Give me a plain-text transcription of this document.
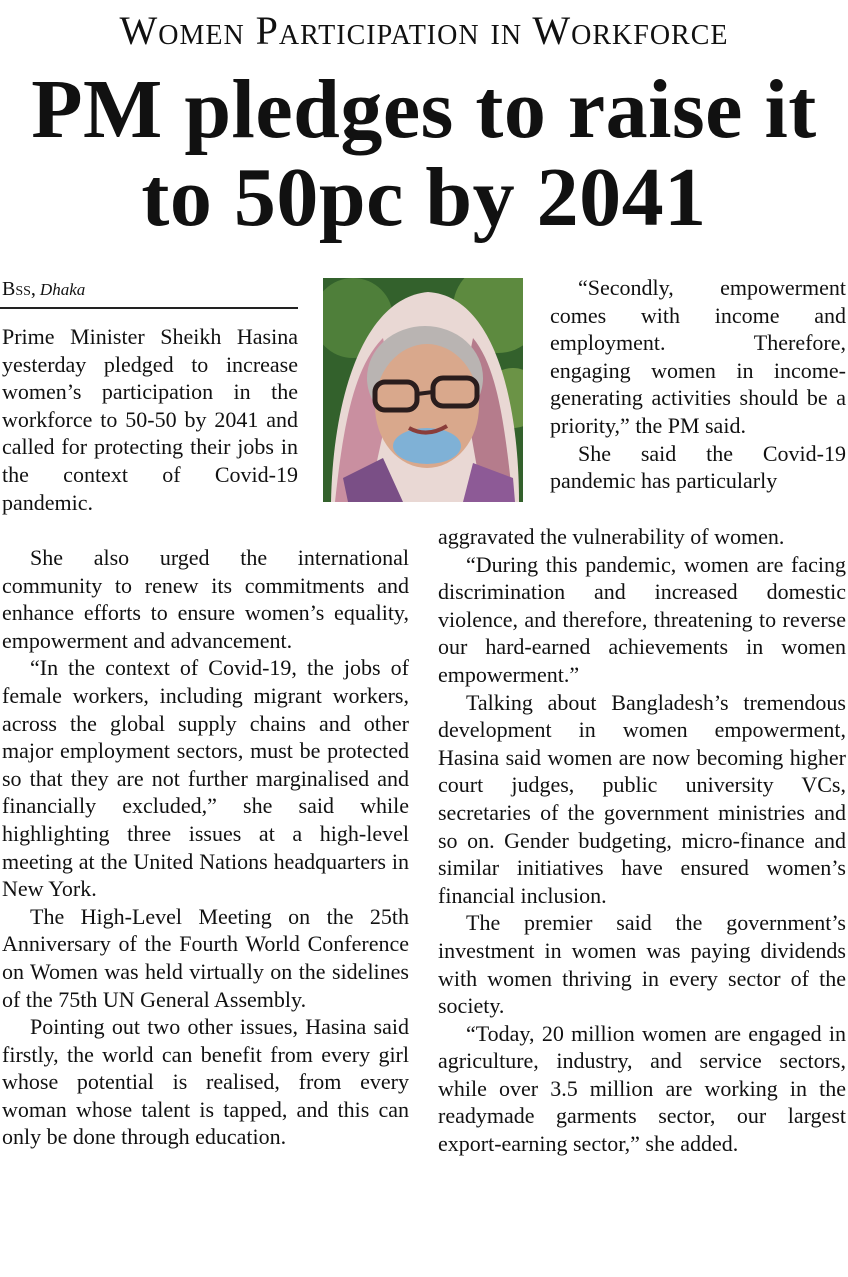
Women Participation in Workforce
PM pledges to raise it
to 50pc by 2041
Bss, Dhaka

Prime Minister Sheikh Hasina yesterday pledged to increase women’s participation in the workforce to 50-50 by 2041 and called for protecting their jobs in the context of Covid-19 pandemic.

She also urged the international community to renew its commitments and enhance efforts to ensure women’s equality, empowerment and advancement.

“In the context of Covid-19, the jobs of female workers, including migrant workers, across the global supply chains and other major employment sectors, must be protected so that they are not further marginalised and financially excluded,” she said while highlighting three issues at a high-level meeting at the United Nations headquarters in New York.

The High-Level Meeting on the 25th Anniversary of the Fourth World Conference on Women was held virtually on the sidelines of the 75th UN General Assembly.

Pointing out two other issues, Hasina said firstly, the world can benefit from every girl whose potential is realised, from every woman whose talent is tapped, and this can only be done through education.

“Secondly, empowerment comes with income and employment. Therefore, engaging women in income-generating activities should be a priority,” the PM said.

She said the Covid-19 pandemic has particularly

aggravated the vulnerability of women.

“During this pandemic, women are facing discrimination and increased domestic violence, and therefore, threatening to reverse our hard-earned achievements in women empowerment.”

Talking about Bangladesh’s tremendous development in women empowerment, Hasina said women are now becoming higher court judges, public university VCs, secretaries of the government ministries and so on. Gender budgeting, micro-finance and similar initiatives have ensured women’s financial inclusion.

The premier said the government’s investment in women was paying dividends with women thriving in every sector of the society.

“Today, 20 million women are engaged in agriculture, industry, and service sectors, while over 3.5 million are working in the readymade garments sector, our largest export-earning sector,” she added.
